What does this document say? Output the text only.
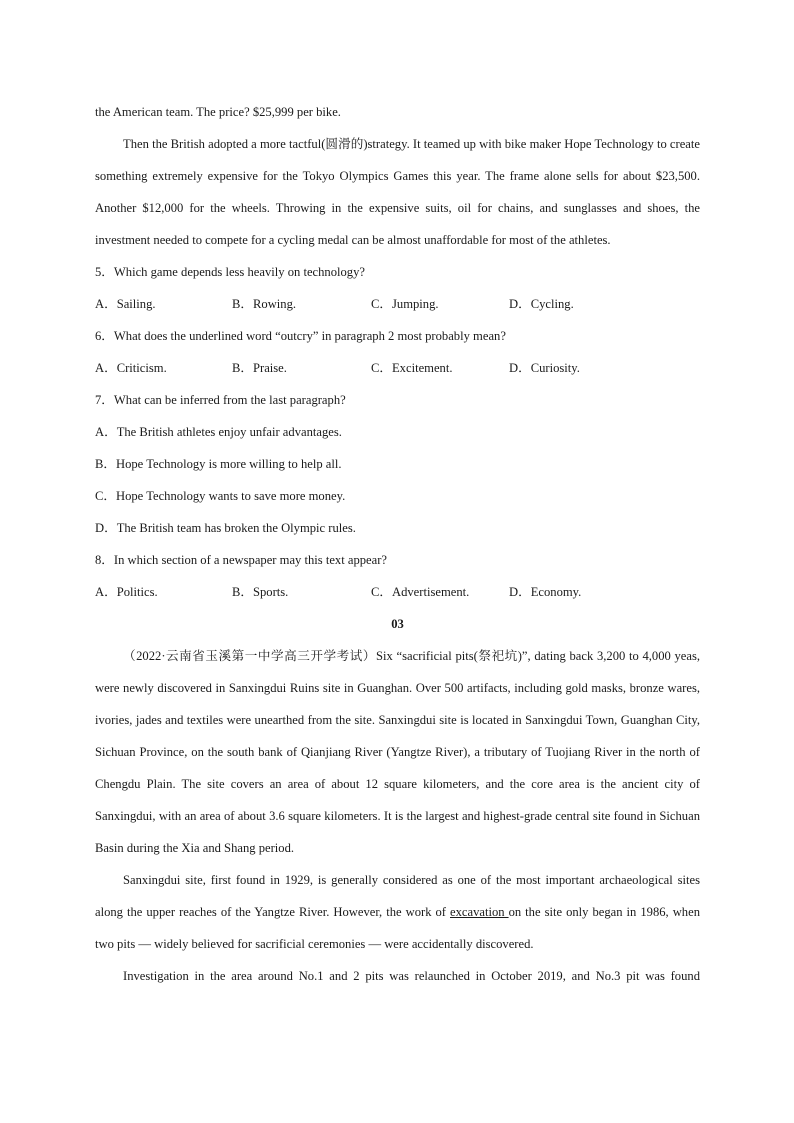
the American team. The price? $25,999 per bike.

Then the British adopted a more tactful(圆滑的)strategy. It teamed up with bike maker Hope Technology to create something extremely expensive for the Tokyo Olympics Games this year. The frame alone sells for about $23,500. Another $12,000 for the wheels. Throwing in the expensive suits, oil for chains, and sunglasses and shoes, the investment needed to compete for a cycling medal can be almost unaffordable for most of the athletes.

5．Which game depends less heavily on technology?

A．Sailing.	B．Rowing.	C．Jumping.	D．Cycling.

6．What does the underlined word “outcry” in paragraph 2 most probably mean?

A．Criticism.	B．Praise.	C．Excitement.	D．Curiosity.

7．What can be inferred from the last paragraph?

A．The British athletes enjoy unfair advantages.

B．Hope Technology is more willing to help all.

C．Hope Technology wants to save more money.

D．The British team has broken the Olympic rules.

8．In which section of a newspaper may this text appear?

A．Politics.	B．Sports.	C．Advertisement.	D．Economy.

03

（2022·云南省玉溪第一中学高三开学考试）Six “sacrificial pits(祭祀坑)”, dating back 3,200 to 4,000 yeas, were newly discovered in Sanxingdui Ruins site in Guanghan. Over 500 artifacts, including gold masks, bronze wares, ivories, jades and textiles were unearthed from the site. Sanxingdui site is located in Sanxingdui Town, Guanghan City, Sichuan Province, on the south bank of Qianjiang River (Yangtze River), a tributary of Tuojiang River in the north of Chengdu Plain. The site covers an area of about 12 square kilometers, and the core area is the ancient city of Sanxingdui, with an area of about 3.6 square kilometers. It is the largest and highest-grade central site found in Sichuan Basin during the Xia and Shang period.

Sanxingdui site, first found in 1929, is generally considered as one of the most important archaeological sites along the upper reaches of the Yangtze River. However, the work of excavation on the site only began in 1986, when two pits — widely believed for sacrificial ceremonies — were accidentally discovered.

Investigation in the area around No.1 and 2 pits was relaunched in October 2019, and No.3 pit was found
